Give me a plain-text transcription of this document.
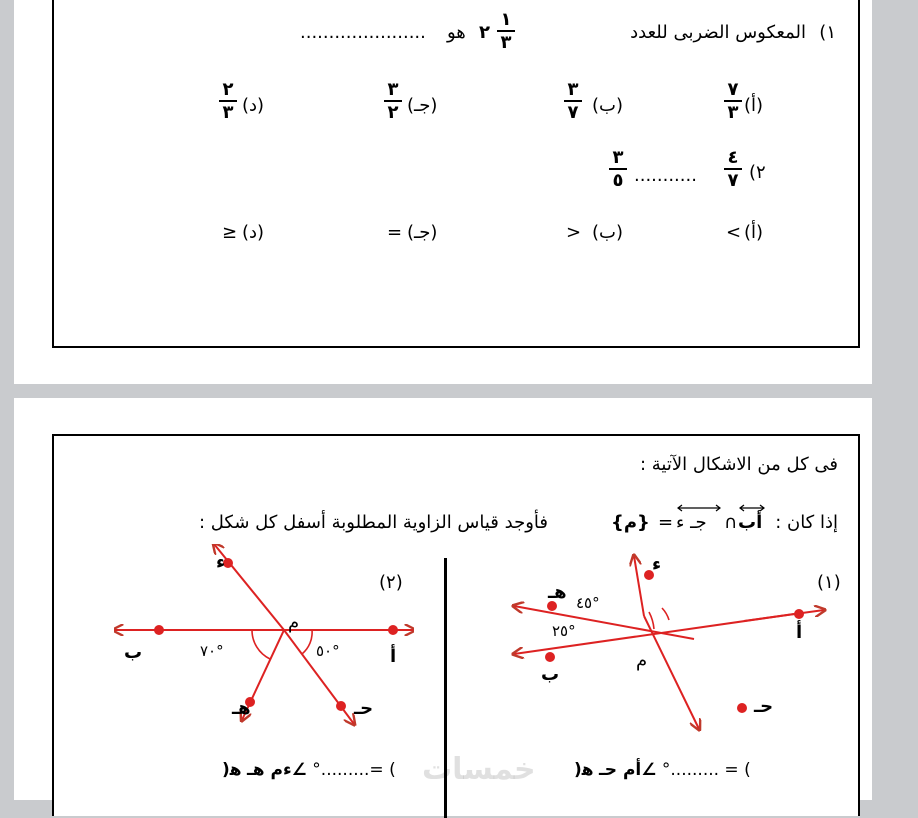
١)
المعكوس الضربى للعدد
١
٣
٢
هو
......................
(أ)
٧
٣
(ب)
٣
٧
(جـ)
٣
٢
(د)
٢
٣
٢)
٤
٧
...........
٣
٥
(أ)
>
(ب)
<
(جـ)
=
(د)
≤
فى كل من الاشكال الآتية :
إذا كان :
أب
∩
جـ ء
=
{م}
فأوجد قياس الزاوية المطلوبة أسفل كل شكل :
(١)
أ
ب
حـ
ء
هـ
م
٤٥°
٢٥°
) = .........° ∠أم حـ ﻫ(
(٢)
أ
ب
حـ
ء
هـ
م
٥٠°
٧٠°
) =.........° ∠ءم هـ ﻫ(	خمسات
